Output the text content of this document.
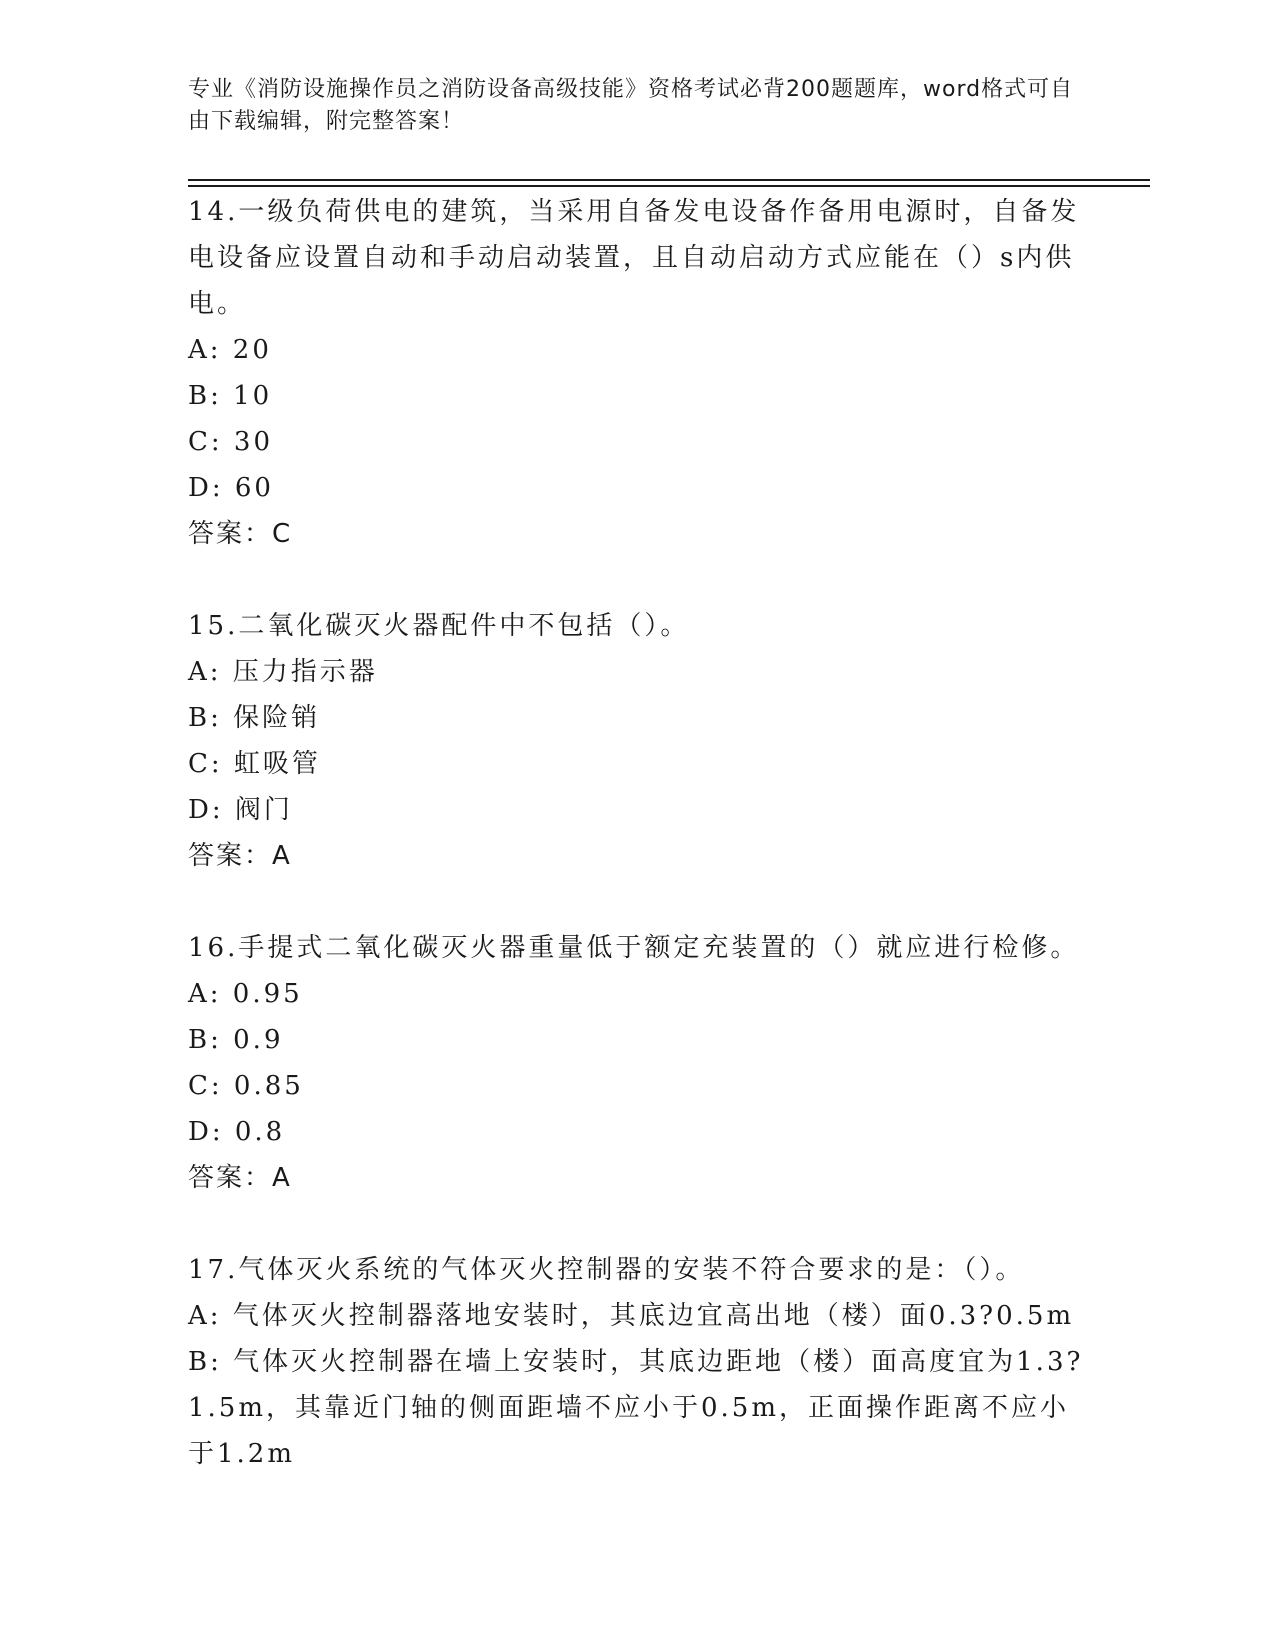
专业《消防设施操作员之消防设备高级技能》资格考试必背200题题库，word格式可自由下载编辑，附完整答案！
14.一级负荷供电的建筑，当采用自备发电设备作备用电源时，自备发电设备应设置自动和手动启动装置，且自动启动方式应能在（）s内供电。
A: 20
B: 10
C: 30
D: 60
答案：C
15.二氧化碳灭火器配件中不包括（）。
A: 压力指示器
B: 保险销
C: 虹吸管
D: 阀门
答案：A
16.手提式二氧化碳灭火器重量低于额定充装置的（）就应进行检修。
A: 0.95
B: 0.9
C: 0.85
D: 0.8
答案：A
17.气体灭火系统的气体灭火控制器的安装不符合要求的是：（）。
A: 气体灭火控制器落地安装时，其底边宜高出地（楼）面0.3?0.5m
B: 气体灭火控制器在墙上安装时，其底边距地（楼）面高度宜为1.3?1.5m，其靠近门轴的侧面距墙不应小于0.5m，正面操作距离不应小于1.2m
